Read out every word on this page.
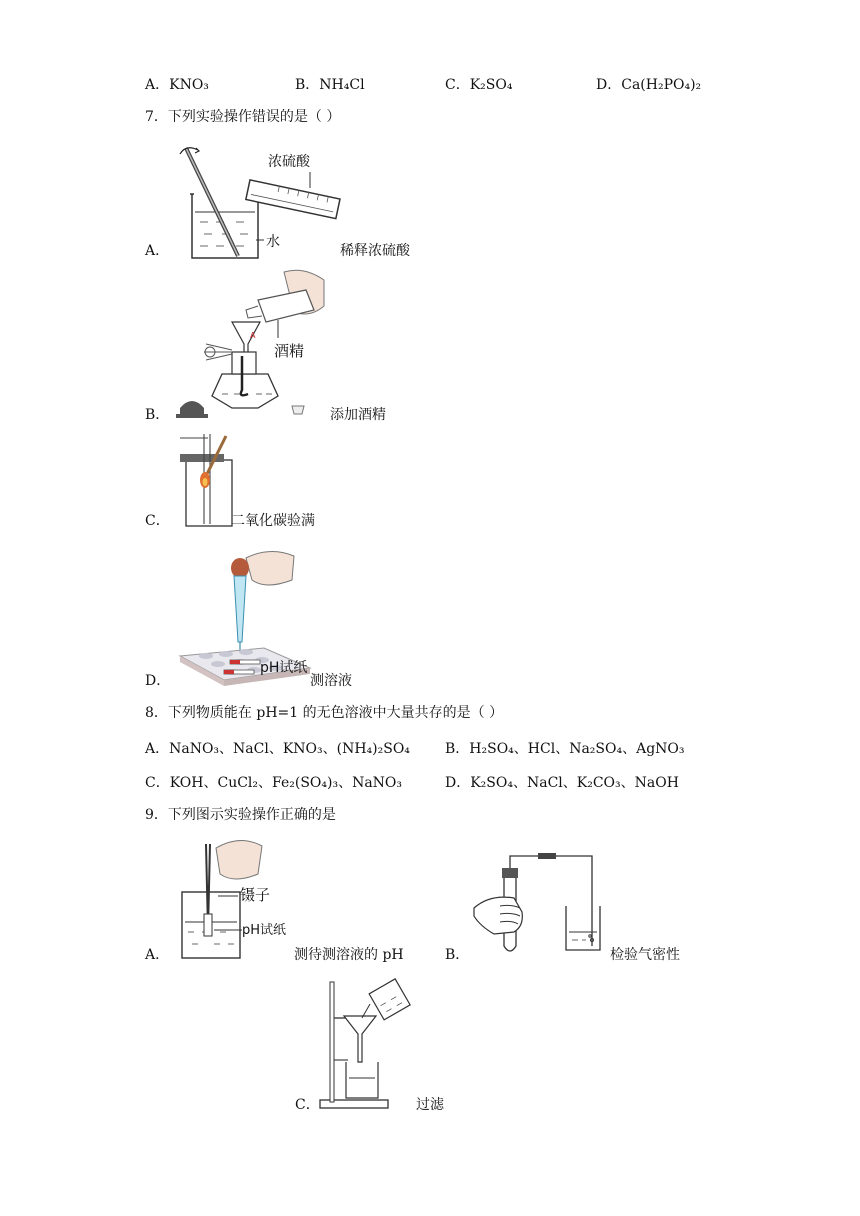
A．KNO₃	B．NH₄Cl	C．K₂SO₄	D．Ca(H₂PO₄)₂
7．下列实验操作错误的是（ ）
A．
浓硫酸
水
稀释浓硫酸
B．
A
酒精
添加酒精
C．	二氧化碳验满
D．
pH试纸
测溶液
8．下列物质能在 pH=1 的无色溶液中大量共存的是（ ）
A．NaNO₃、NaCl、KNO₃、(NH₄)₂SO₄	B．H₂SO₄、HCl、Na₂SO₄、AgNO₃
C．KOH、CuCl₂、Fe₂(SO₄)₃、NaNO₃	D．K₂SO₄、NaCl、K₂CO₃、NaOH
9．下列图示实验操作正确的是
A．
镊子
pH试纸
测待测溶液的 pH	B．	检验气密性
C．	过滤
